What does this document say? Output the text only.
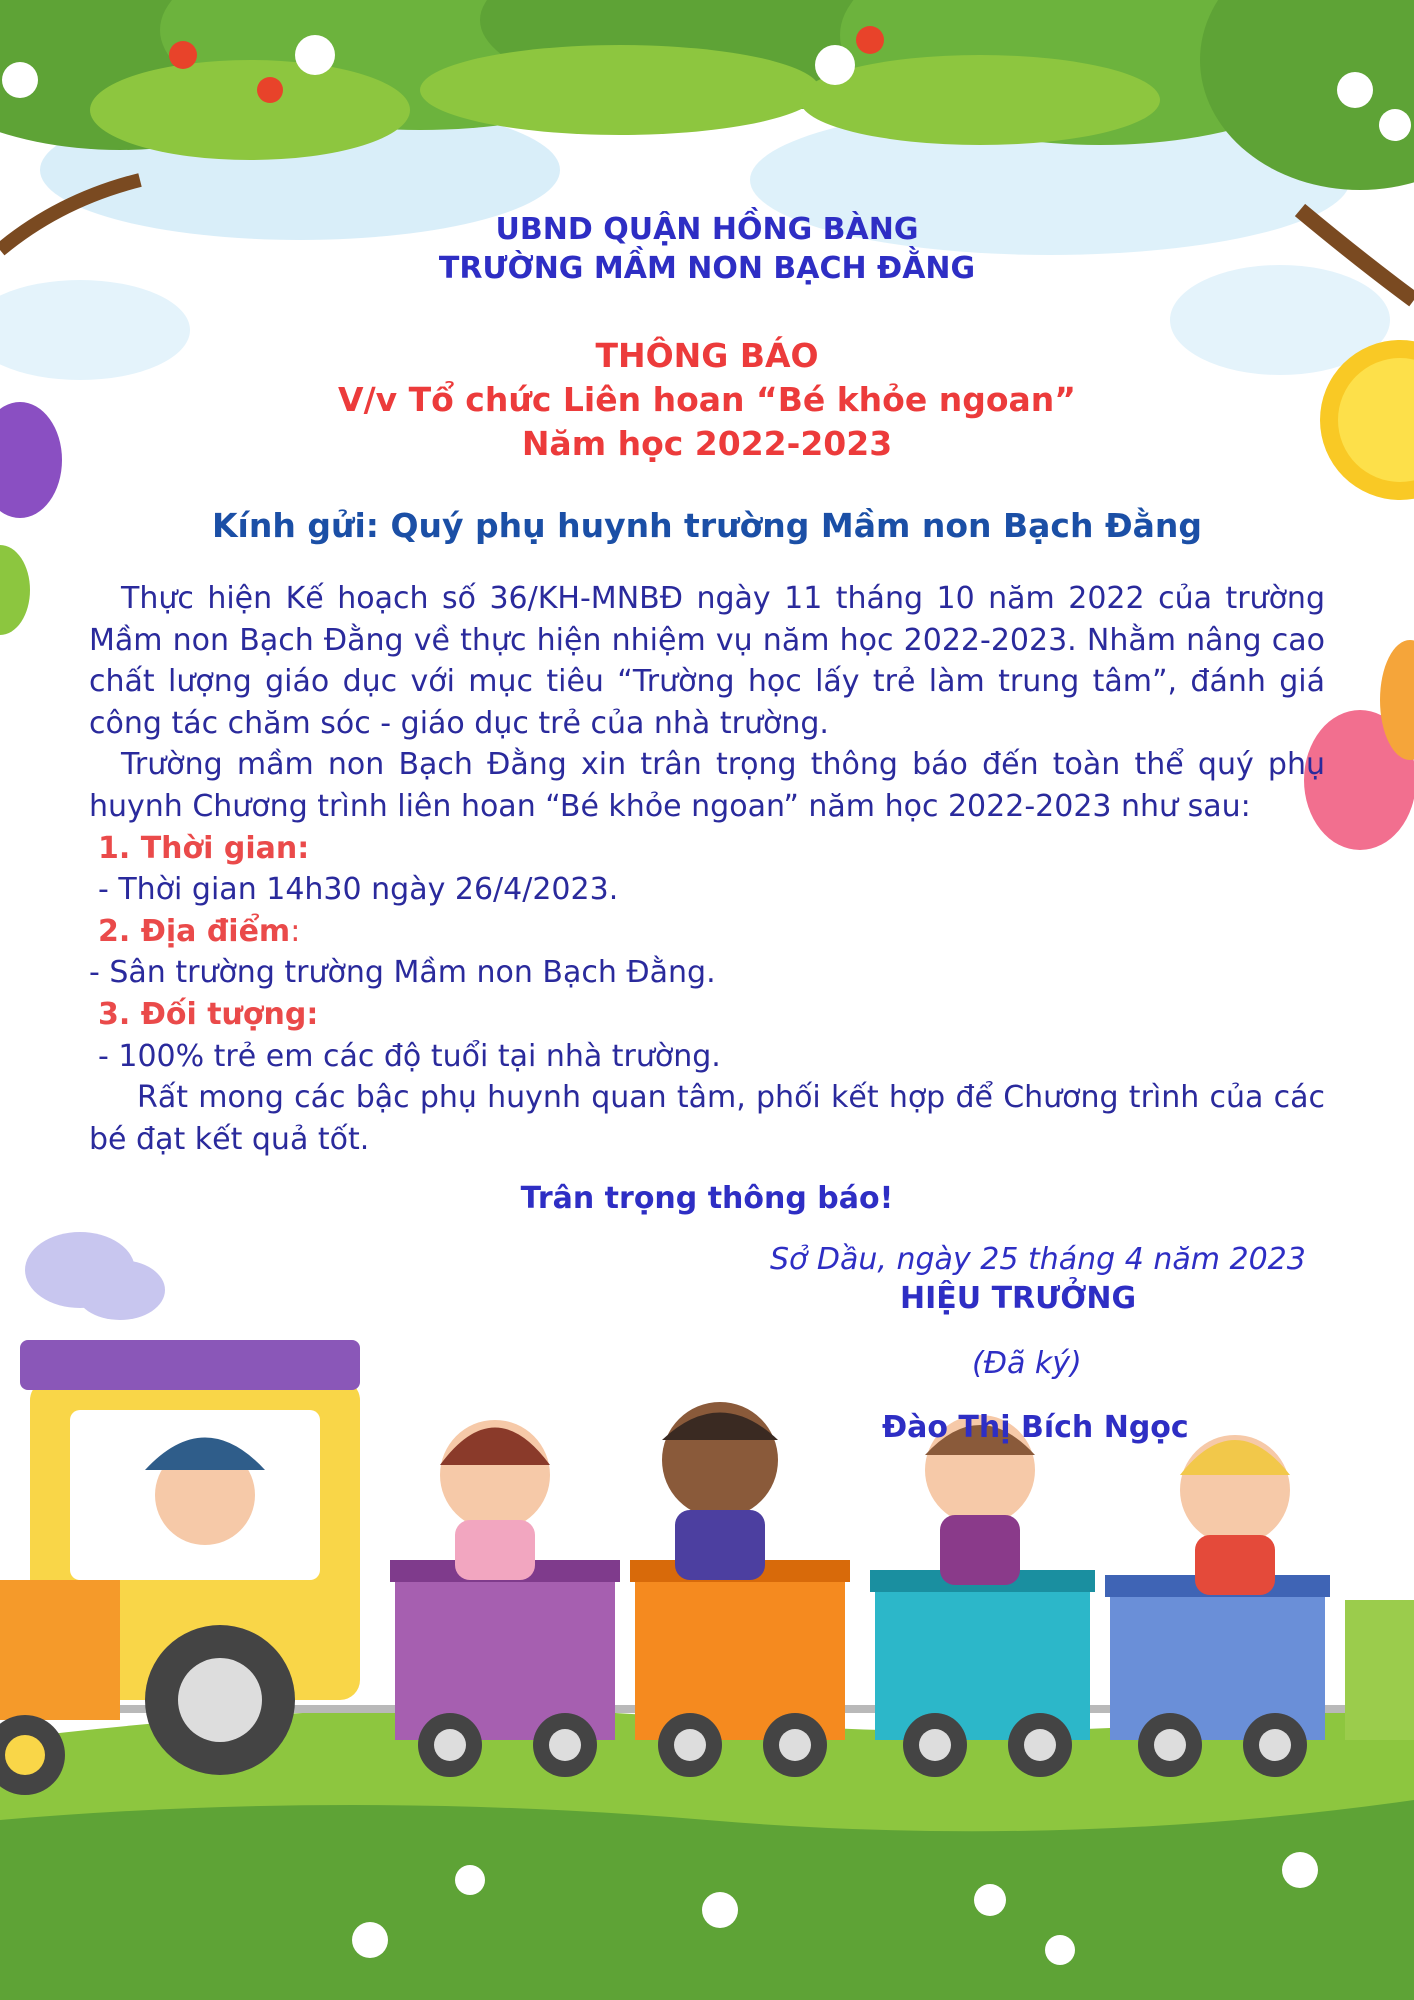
UBND QUẬN HỒNG BÀNG
TRƯỜNG MẦM NON BẠCH ĐẰNG
THÔNG BÁO
V/v Tổ chức Liên hoan “Bé khỏe ngoan”
Năm học 2022-2023
Kính gửi: Quý phụ huynh trường Mầm non Bạch Đằng

Thực hiện Kế hoạch số 36/KH-MNBĐ ngày 11 tháng 10 năm 2022 của trường Mầm non Bạch Đằng về thực hiện nhiệm vụ năm học 2022-2023. Nhằm nâng cao chất lượng giáo dục với mục tiêu “Trường học lấy trẻ làm trung tâm”, đánh giá công tác chăm sóc - giáo dục trẻ của nhà trường.

Trường mầm non Bạch Đằng xin trân trọng thông báo đến toàn thể quý phụ huynh Chương trình liên hoan “Bé khỏe ngoan” năm học 2022-2023 như sau:

1. Thời gian:

- Thời gian 14h30 ngày 26/4/2023.

2. Địa điểm:

- Sân trường trường Mầm non Bạch Đằng.

3. Đối tượng:

- 100% trẻ em các độ tuổi tại nhà trường.

Rất mong các bậc phụ huynh quan tâm, phối kết hợp để Chương trình của các bé đạt kết quả tốt.

Trân trọng thông báo!
Sở Dầu, ngày 25 tháng 4 năm 2023
HIỆU TRƯỞNG
(Đã ký)
Đào Thị Bích Ngọc
